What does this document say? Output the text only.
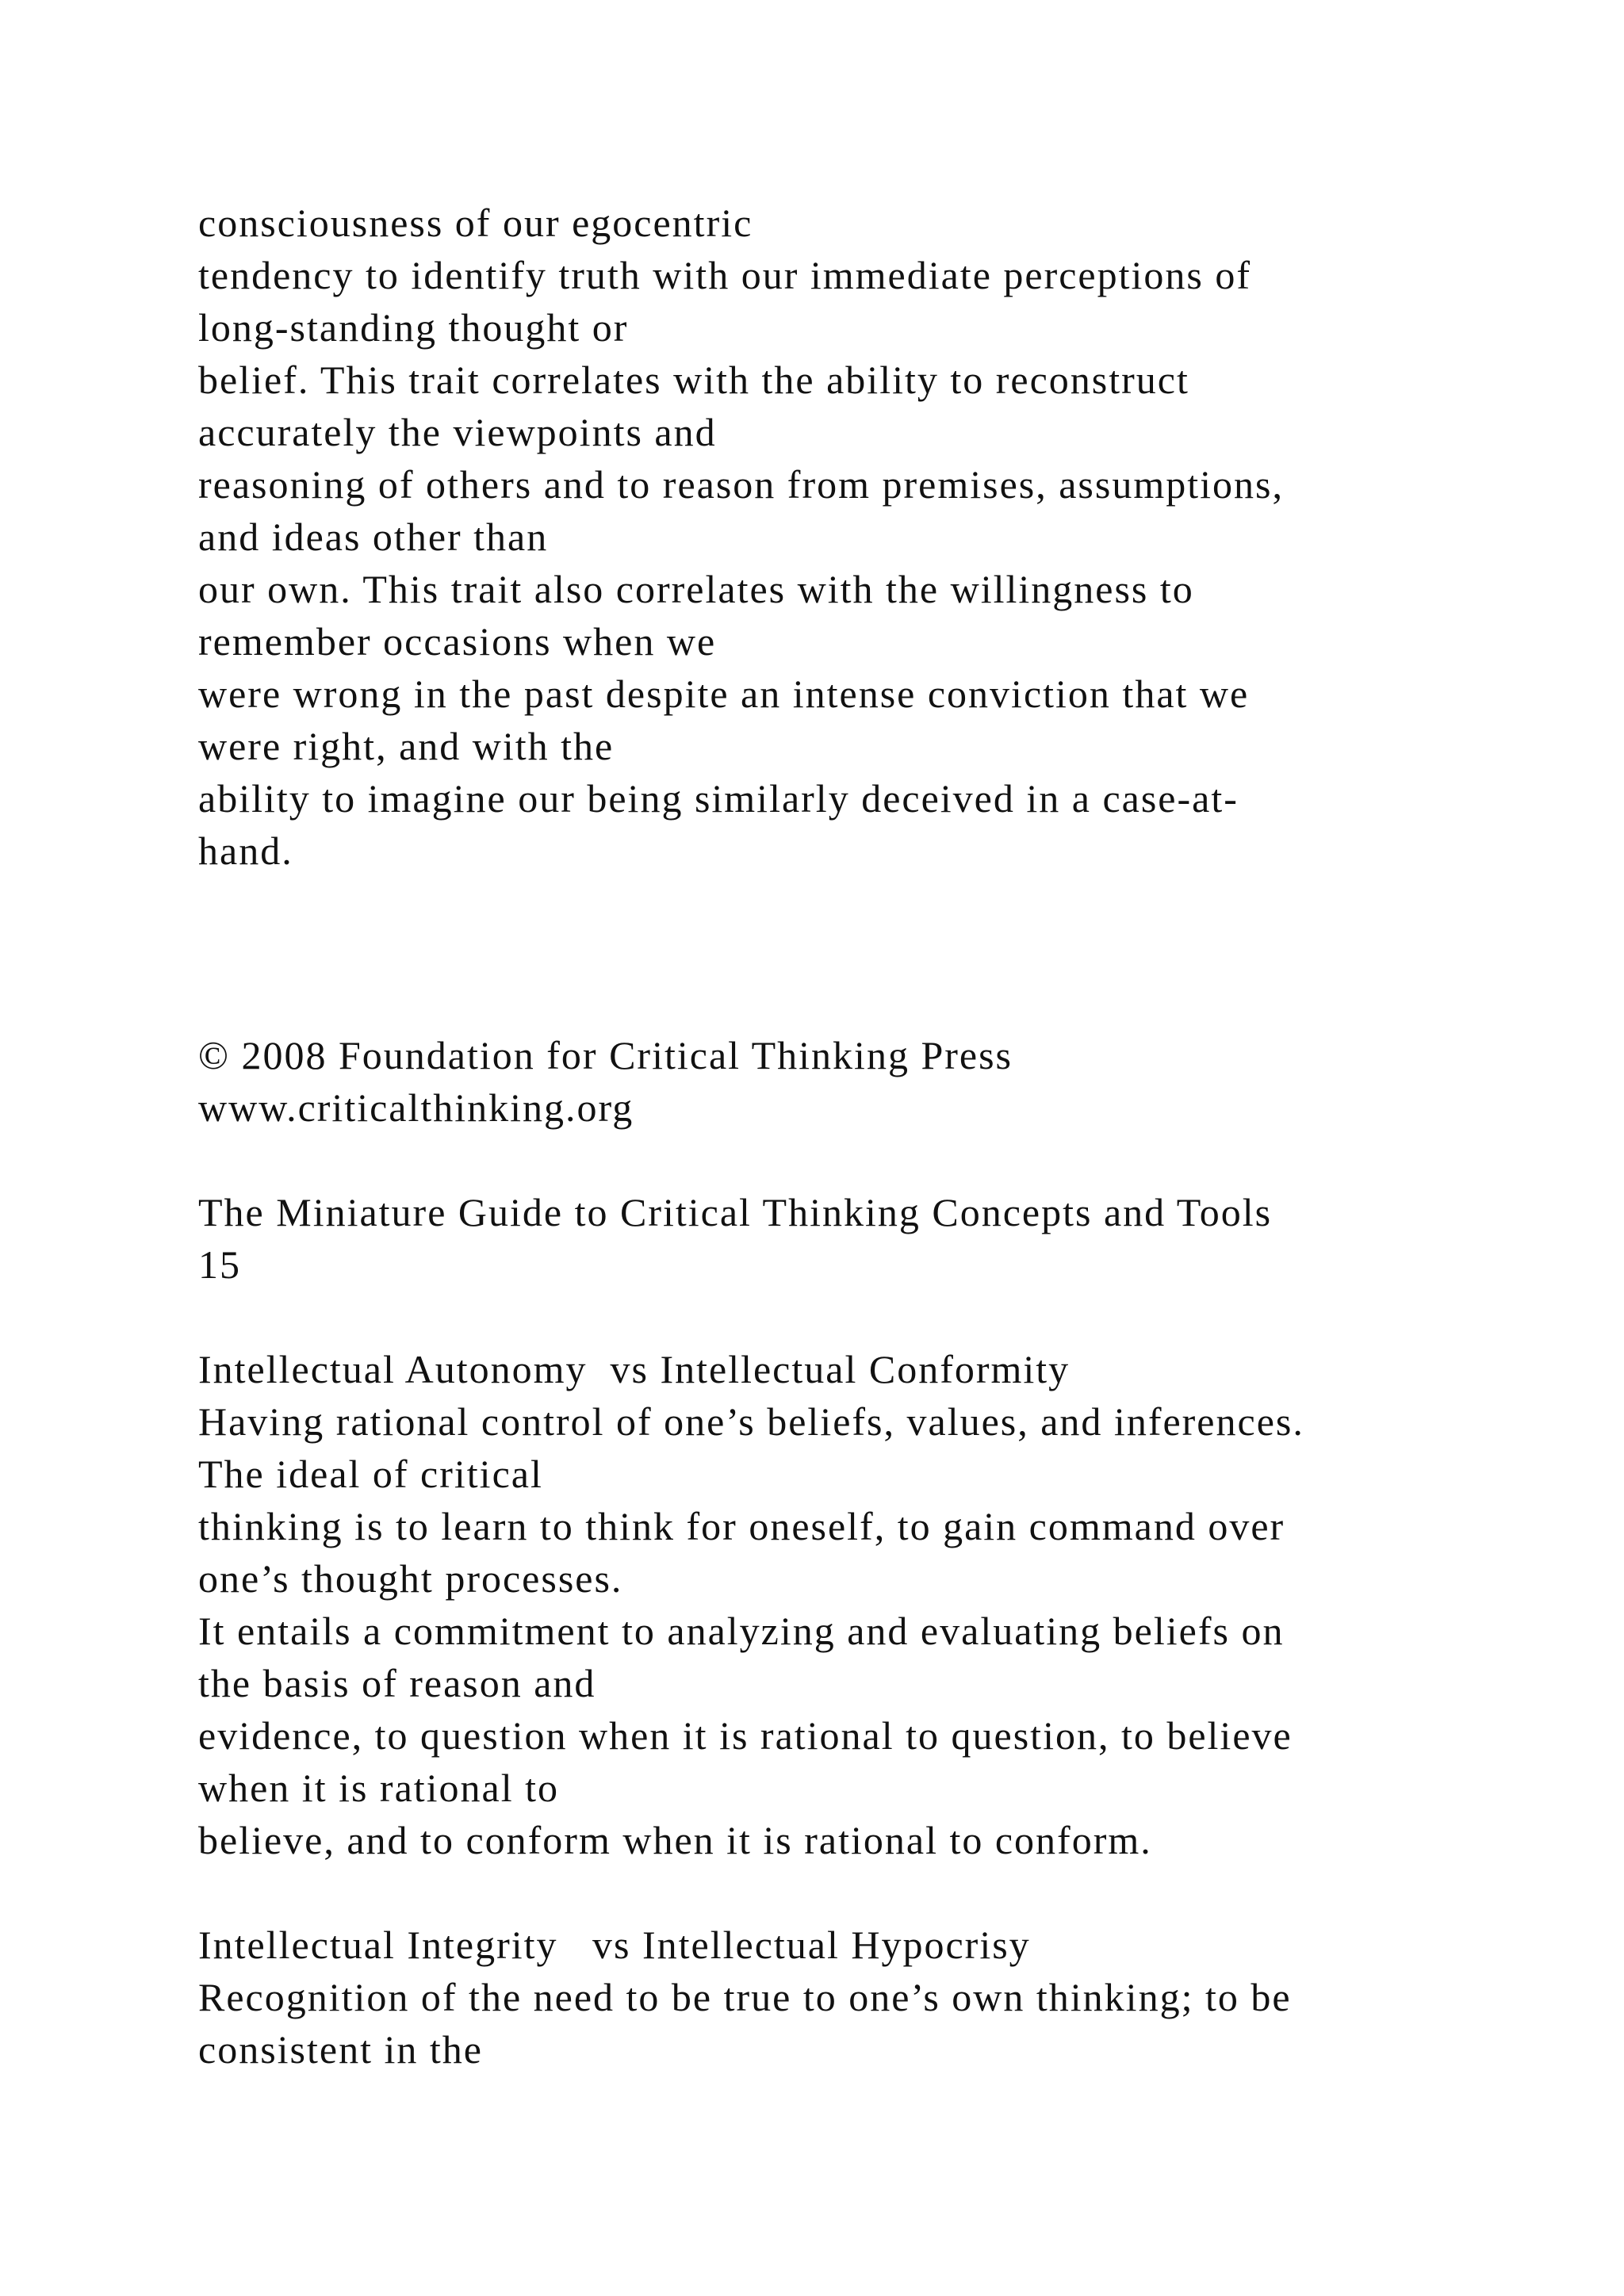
consciousness of our egocentric
tendency to identify truth with our immediate perceptions of
long-standing thought or
belief. This trait correlates with the ability to reconstruct
accurately the viewpoints and
reasoning of others and to reason from premises, assumptions,
and ideas other than
our own. This trait also correlates with the willingness to
remember occasions when we
were wrong in the past despite an intense conviction that we
were right, and with the
ability to imagine our being similarly deceived in a case-at-
hand.
© 2008 Foundation for Critical Thinking Press
www.criticalthinking.org
The Miniature Guide to Critical Thinking Concepts and Tools
15
Intellectual Autonomy  vs Intellectual Conformity
Having rational control of one’s beliefs, values, and inferences.
The ideal of critical
thinking is to learn to think for oneself, to gain command over
one’s thought processes.
It entails a commitment to analyzing and evaluating beliefs on
the basis of reason and
evidence, to question when it is rational to question, to believe
when it is rational to
believe, and to conform when it is rational to conform.
Intellectual Integrity   vs Intellectual Hypocrisy
Recognition of the need to be true to one’s own thinking; to be
consistent in the
